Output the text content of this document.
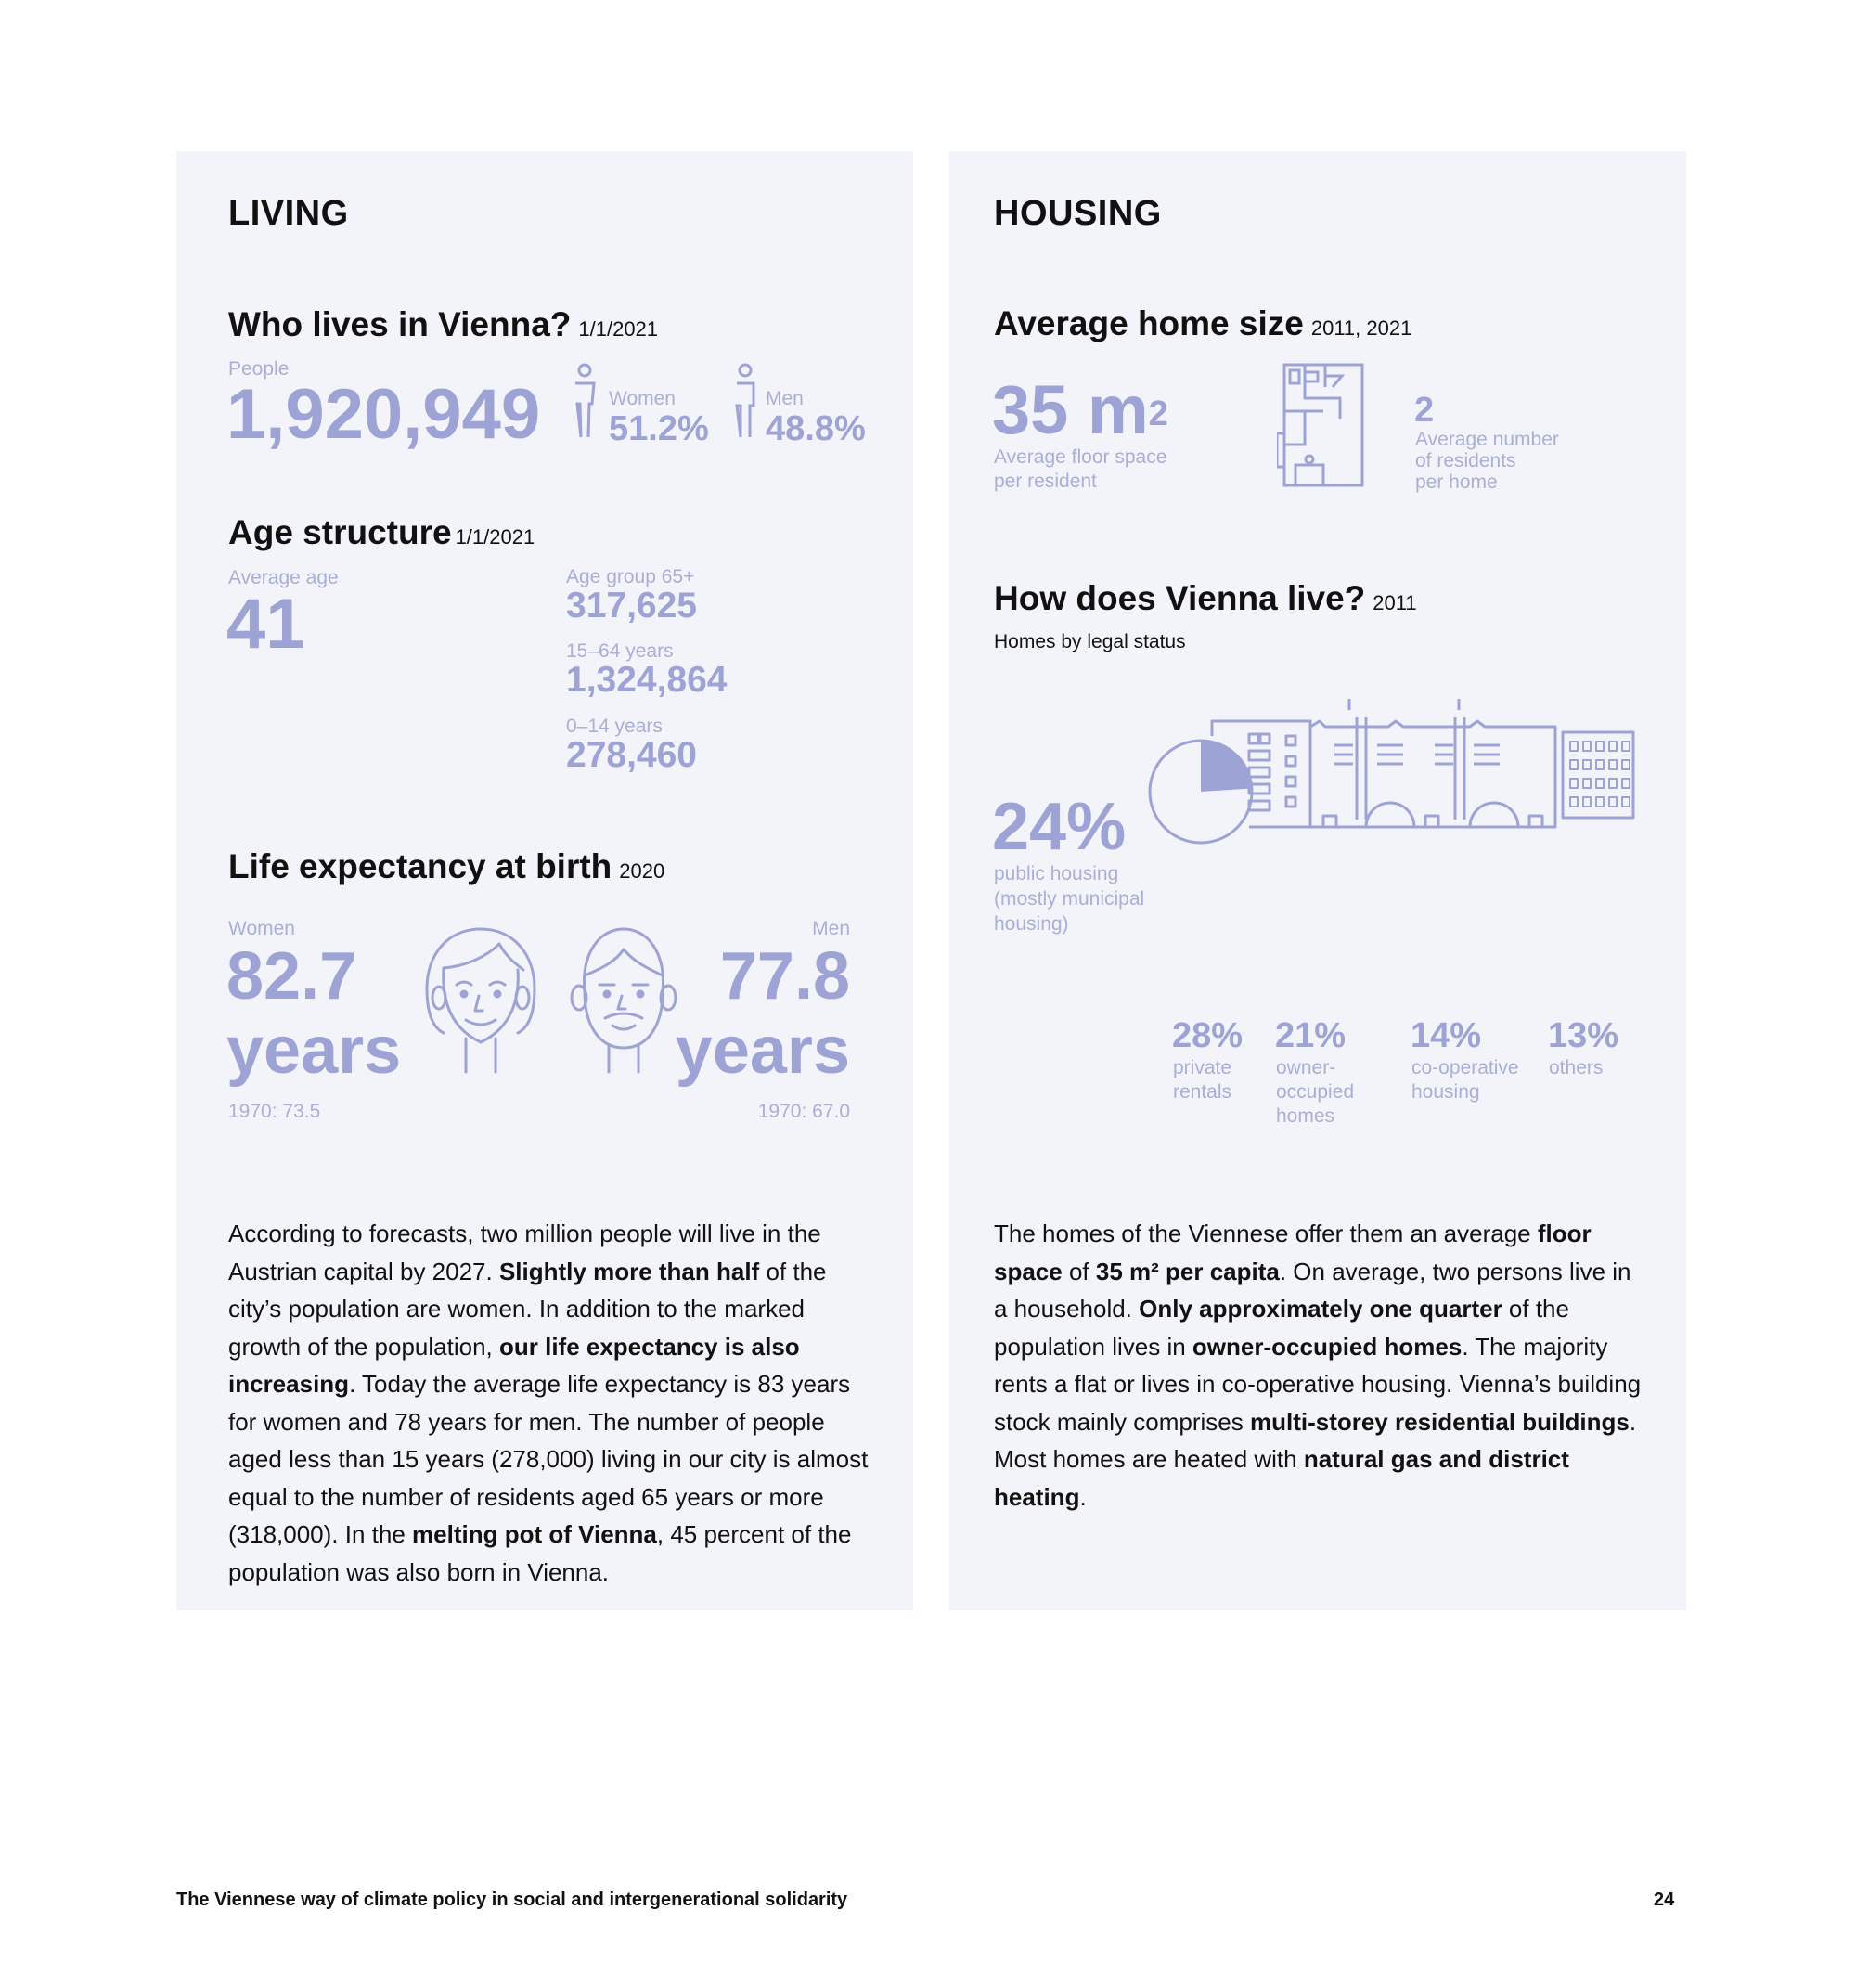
LIVING
Who lives in Vienna? 1/1/2021
People
1,920,949	Women
51.2%
Men
48.8%
Age structure 1/1/2021
Average age
41
Age group 65+
317,625
15–64 years
1,324,864
0–14 years
278,460
Life expectancy at birth 2020
Women
82.7
years
1970: 73.5
Men
77.8
years
1970: 67.0
According to forecasts, two million people will live in the Austrian capital by 2027. Slightly more than half of the city’s population are women. In addition to the marked growth of the population, our life expectancy is also increasing. Today the average life expectancy is 83 years for women and 78 years for men. The number of people aged less than 15 years (278,000) living in our city is almost equal to the number of residents aged 65 years or more (318,000). In the melting pot of Vienna, 45 percent of the population was also born in Vienna.
HOUSING
Average home size 2011, 2021
35 $m^2$
Average floor space
per resident
2
Average number
of residents
per home
How does Vienna live? 2011
Homes by legal status
24%
public housing
(mostly municipal
housing)
28%
private
rentals
21%
owner-
occupied
homes
14%
co-operative
housing
13%
others
The homes of the Viennese offer them an average floor space of 35 m² per capita. On average, two persons live in a household. Only approximately one quarter of the population lives in owner-occupied homes. The majority rents a flat or lives in co-operative housing. Vienna’s building stock mainly comprises multi-storey residential buildings. Most homes are heated with natural gas and district heating.
The Viennese way of climate policy in social and intergenerational solidarity	24
